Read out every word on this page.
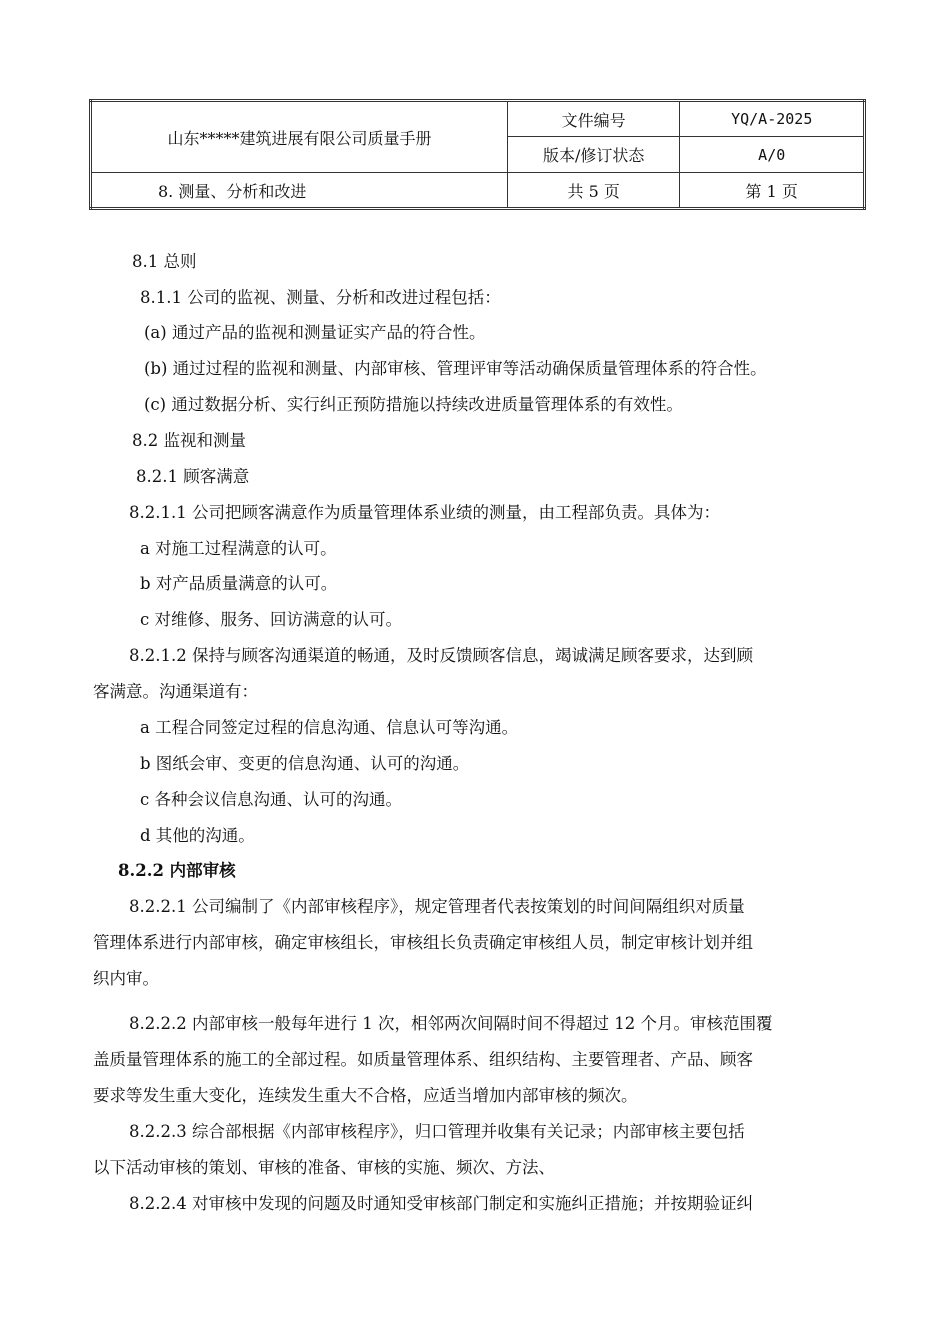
山东*****建筑进展有限公司质量手册	文件编号	YQ/A-2025
	版本/修订状态	A/0
8. 测量、分析和改进	共 5 页	第 1 页

8.1 总则

8.1.1 公司的监视、测量、分析和改进过程包括：

(a) 通过产品的监视和测量证实产品的符合性。

(b) 通过过程的监视和测量、内部审核、管理评审等活动确保质量管理体系的符合性。

(c) 通过数据分析、实行纠正预防措施以持续改进质量管理体系的有效性。

8.2 监视和测量

8.2.1 顾客满意

8.2.1.1 公司把顾客满意作为质量管理体系业绩的测量，由工程部负责。具体为：

a 对施工过程满意的认可。

b 对产品质量满意的认可。

c 对维修、服务、回访满意的认可。

8.2.1.2 保持与顾客沟通渠道的畅通，及时反馈顾客信息，竭诚满足顾客要求，达到顾

客满意。沟通渠道有：

a 工程合同签定过程的信息沟通、信息认可等沟通。

b 图纸会审、变更的信息沟通、认可的沟通。

c 各种会议信息沟通、认可的沟通。

d 其他的沟通。

8.2.2 内部审核

8.2.2.1 公司编制了《内部审核程序》，规定管理者代表按策划的时间间隔组织对质量

管理体系进行内部审核，确定审核组长，审核组长负责确定审核组人员，制定审核计划并组

织内审。

8.2.2.2 内部审核一般每年进行 1 次，相邻两次间隔时间不得超过 12 个月。审核范围覆

盖质量管理体系的施工的全部过程。如质量管理体系、组织结构、主要管理者、产品、顾客

要求等发生重大变化，连续发生重大不合格，应适当增加内部审核的频次。

8.2.2.3 综合部根据《内部审核程序》，归口管理并收集有关记录；内部审核主要包括

以下活动审核的策划、审核的准备、审核的实施、频次、方法、

8.2.2.4 对审核中发现的问题及时通知受审核部门制定和实施纠正措施；并按期验证纠
